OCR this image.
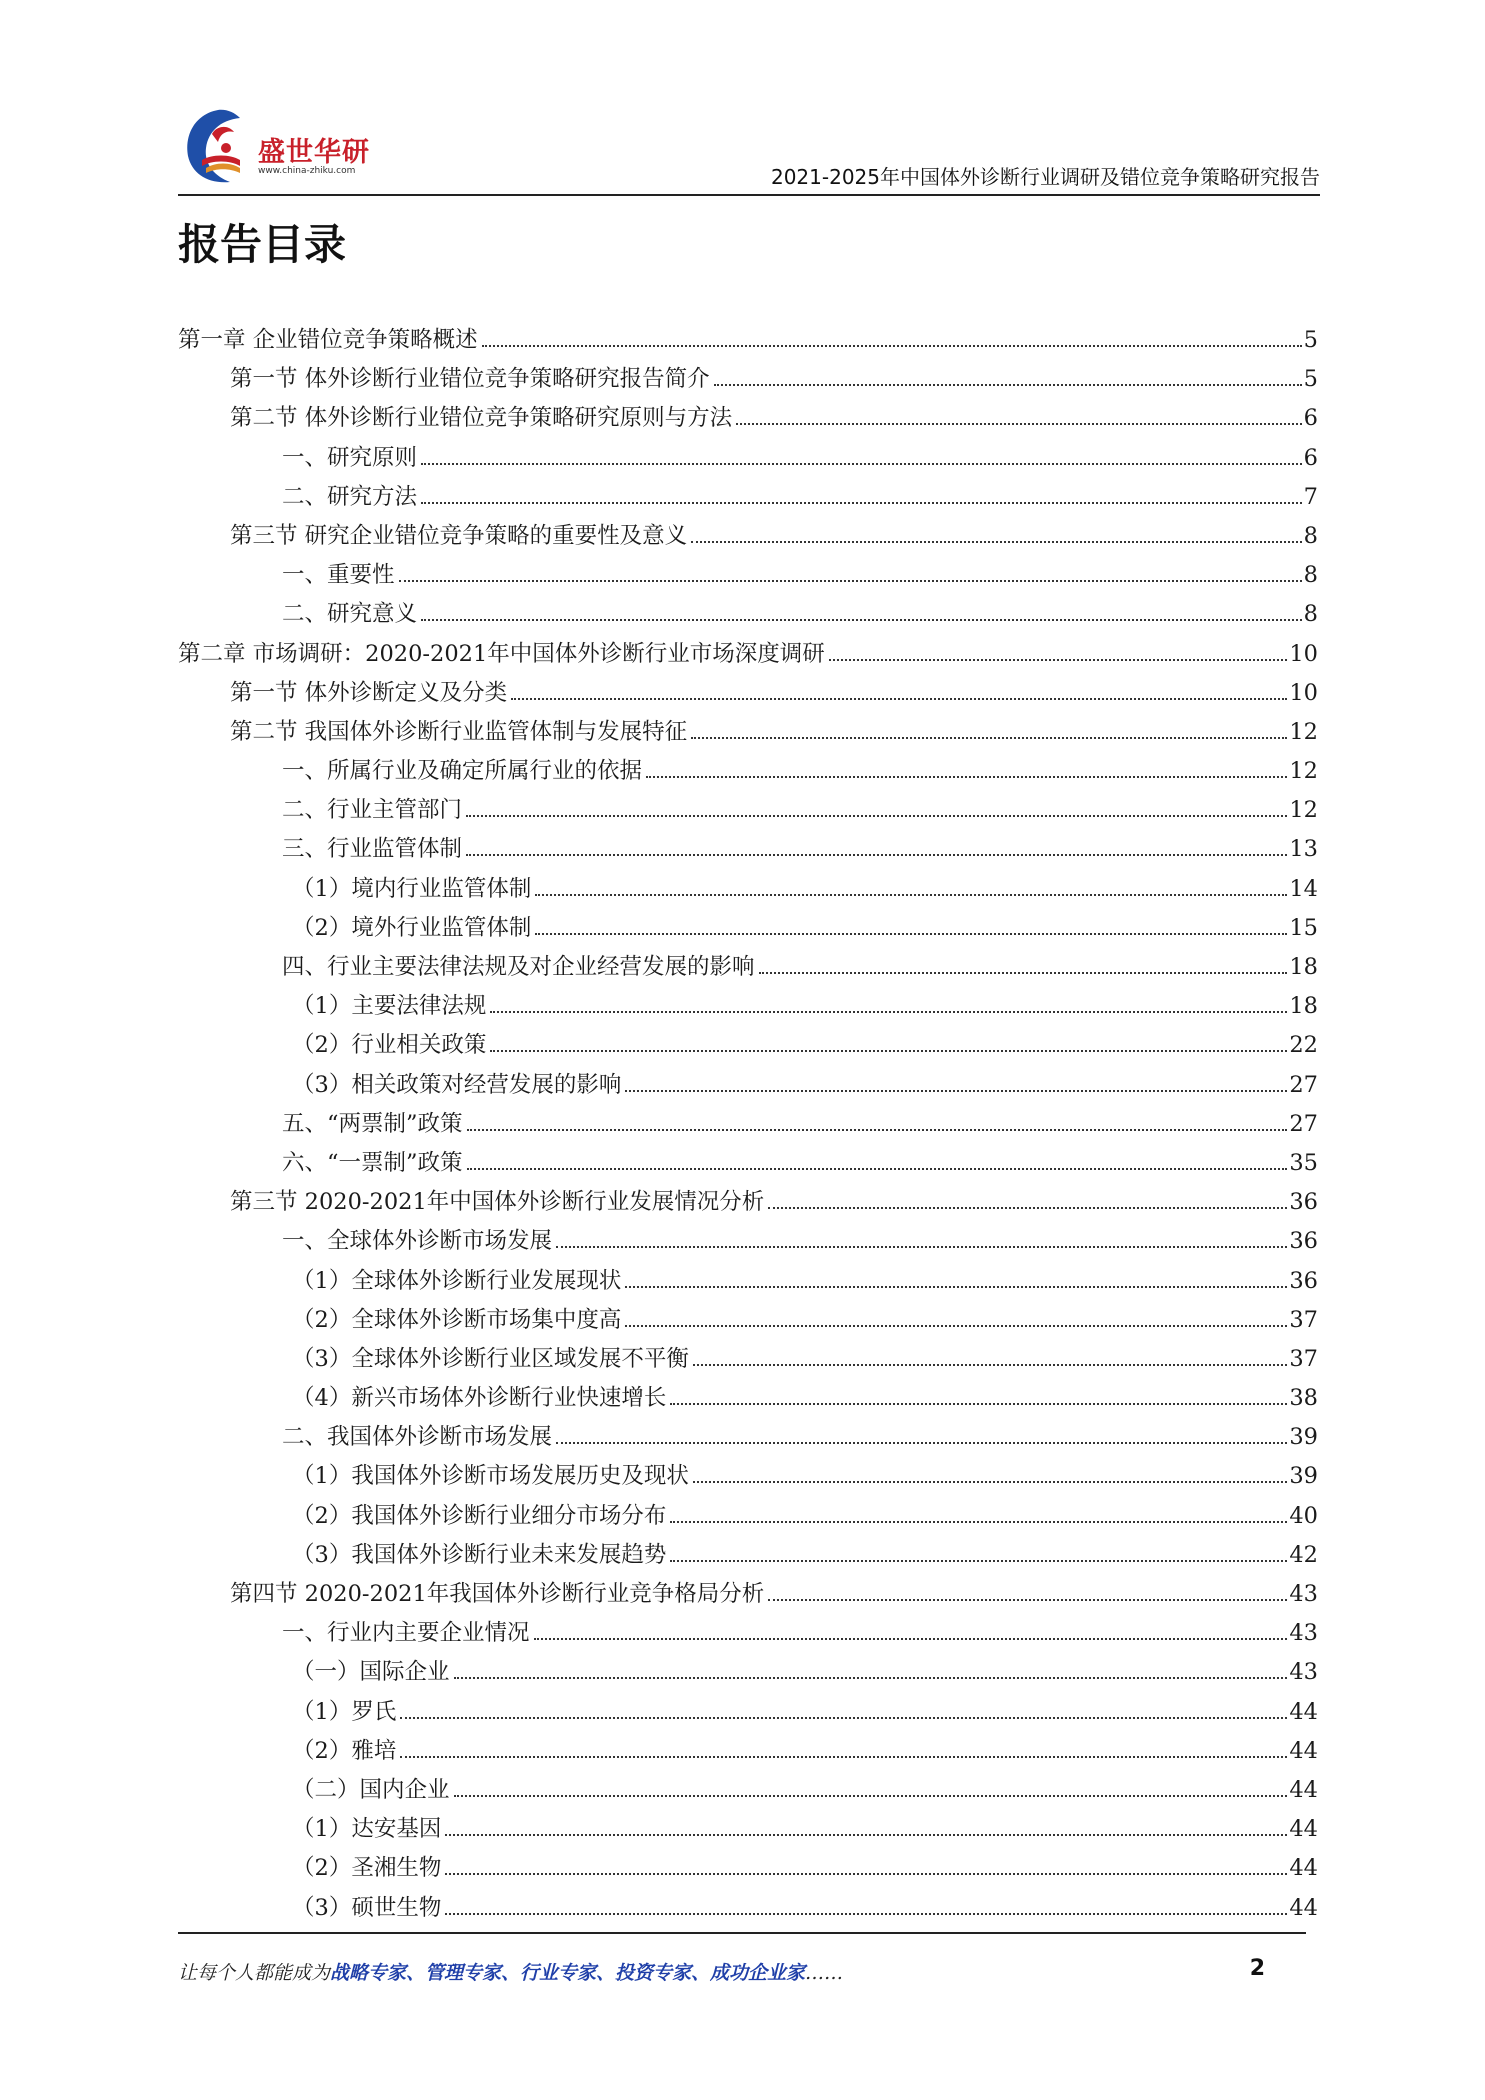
盛世华研
www.china-zhiku.com	2021-2025年中国体外诊断行业调研及错位竞争策略研究报告
报告目录
第一章 企业错位竞争策略概述	5
第一节 体外诊断行业错位竞争策略研究报告简介	5
第二节 体外诊断行业错位竞争策略研究原则与方法	6
一、研究原则	6
二、研究方法	7
第三节 研究企业错位竞争策略的重要性及意义	8
一、重要性	8
二、研究意义	8
第二章 市场调研：2020-2021年中国体外诊断行业市场深度调研	10
第一节 体外诊断定义及分类	10
第二节 我国体外诊断行业监管体制与发展特征	12
一、所属行业及确定所属行业的依据	12
二、行业主管部门	12
三、行业监管体制	13
（1）境内行业监管体制	14
（2）境外行业监管体制	15
四、行业主要法律法规及对企业经营发展的影响	18
（1）主要法律法规	18
（2）行业相关政策	22
（3）相关政策对经营发展的影响	27
五、“两票制”政策	27
六、“一票制”政策	35
第三节 2020-2021年中国体外诊断行业发展情况分析	36
一、全球体外诊断市场发展	36
（1）全球体外诊断行业发展现状	36
（2）全球体外诊断市场集中度高	37
（3）全球体外诊断行业区域发展不平衡	37
（4）新兴市场体外诊断行业快速增长	38
二、我国体外诊断市场发展	39
（1）我国体外诊断市场发展历史及现状	39
（2）我国体外诊断行业细分市场分布	40
（3）我国体外诊断行业未来发展趋势	42
第四节 2020-2021年我国体外诊断行业竞争格局分析	43
一、行业内主要企业情况	43
（一）国际企业	43
（1）罗氏	44
（2）雅培	44
（二）国内企业	44
（1）达安基因	44
（2）圣湘生物	44
（3）硕世生物	44
让每个人都能成为战略专家、管理专家、行业专家、投资专家、成功企业家……	2
